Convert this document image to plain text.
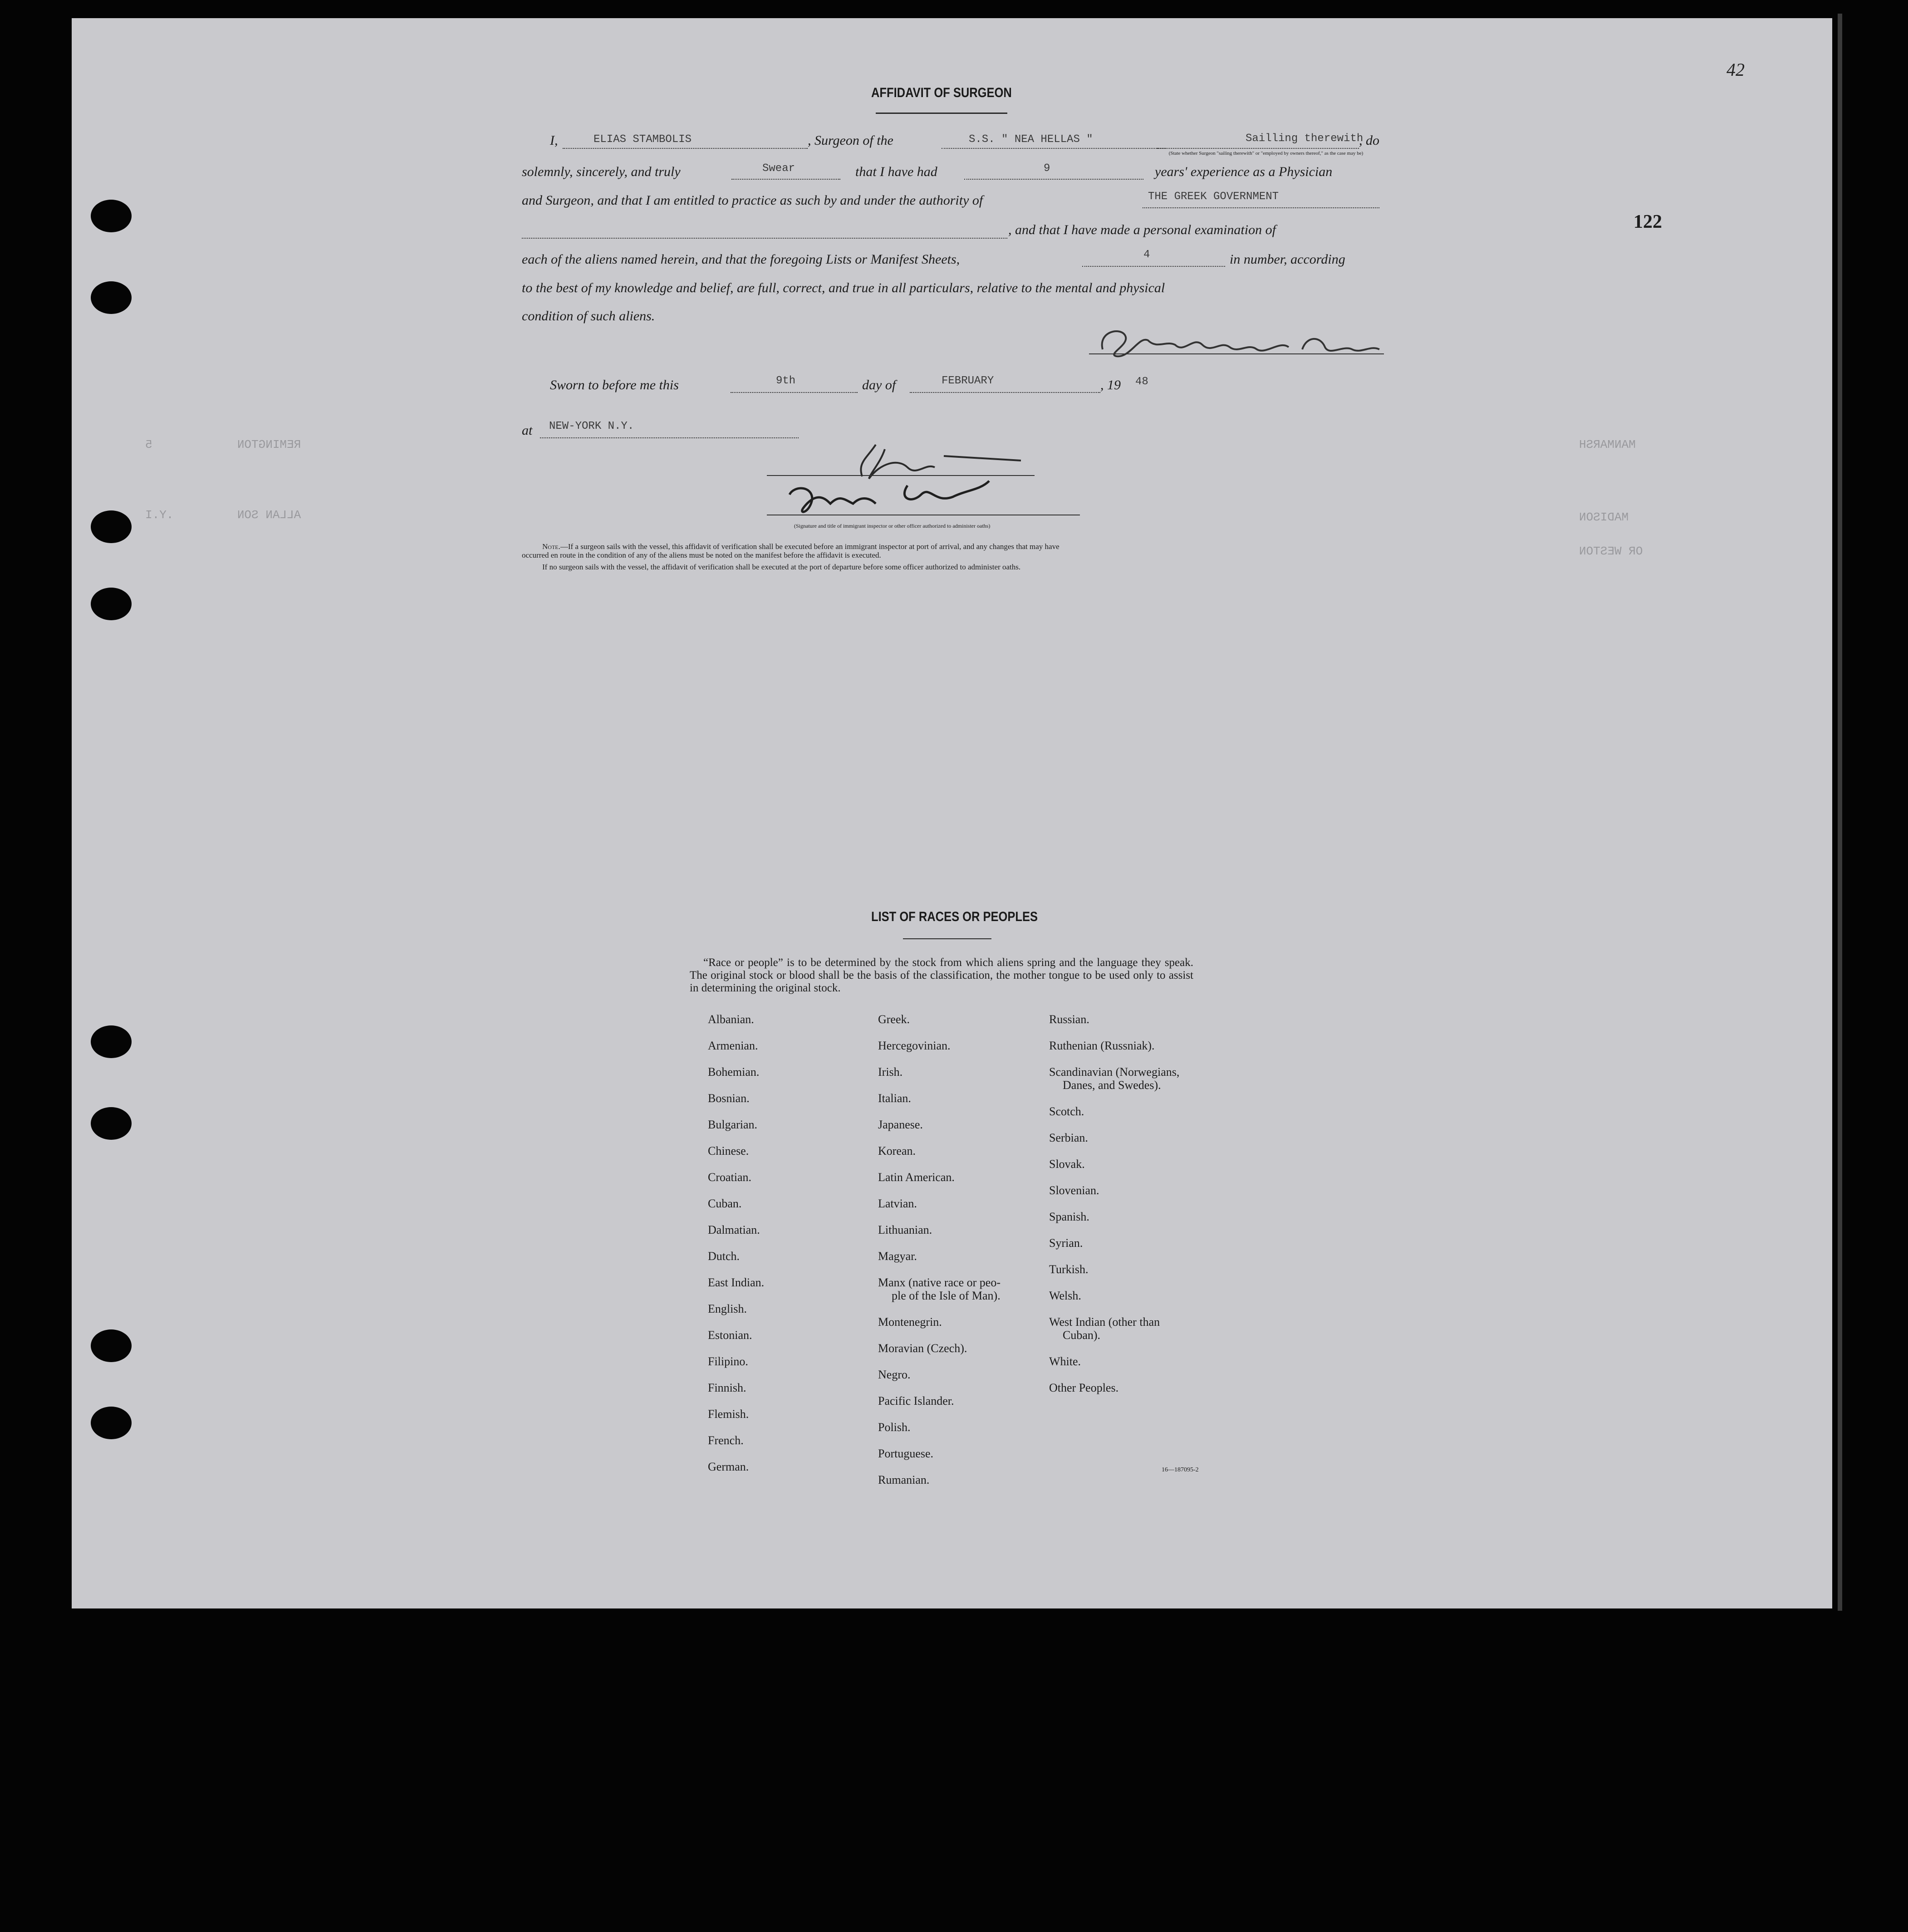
42
122
REMINGTON            5
ALLAN SON         .Y.I
MANMARSH
MADISON
OR WESTON
AFFIDAVIT OF SURGEON
I,	ELIAS STAMBOLIS	, Surgeon of the	S.S. " NEA HELLAS "	Sailling therewith
, do
(State whether Surgeon "sailing therewith" or "employed by owners thereof," as the case may be)
solemnly, sincerely, and truly	Swear	that I have had	9	years' experience as a Physician
and Surgeon, and that I am entitled to practice as such by and under the authority of	THE GREEK GOVERNMENT
, and that I have made a personal examination of
each of the aliens named herein, and that the foregoing Lists or Manifest Sheets,	4	in number, according
to the best of my knowledge and belief, are full, correct, and true in all particulars, relative to the mental and physical
condition of such aliens.
Sworn to before me this	9th	day of	FEBRUARY	, 19 48
at NEW-YORK N.Y.
(Signature and title of immigrant inspector or other officer authorized to administer oaths)
Note.—If a surgeon sails with the vessel, this affidavit of verification shall be executed before an immigrant inspector at port of arrival, and any changes that may have
occurred en route in the condition of any of the aliens must be noted on the manifest before the affidavit is executed.
If no surgeon sails with the vessel, the affidavit of verification shall be executed at the port of departure before some officer authorized to administer oaths.
LIST OF RACES OR PEOPLES
“Race or people” is to be determined by the stock from which aliens spring and the language they speak. The original stock or blood shall be the basis of the classification, the mother tongue to be used only to assist in determining the original stock.
Albanian.
Armenian.
Bohemian.
Bosnian.
Bulgarian.
Chinese.
Croatian.
Cuban.
Dalmatian.
Dutch.
East Indian.
English.
Estonian.
Filipino.
Finnish.
Flemish.
French.
German.
Greek.
Hercegovinian.
Irish.
Italian.
Japanese.
Korean.
Latin American.
Latvian.
Lithuanian.
Magyar.
Manx (native race or peo-
ple of the Isle of Man).
Montenegrin.
Moravian (Czech).
Negro.
Pacific Islander.
Polish.
Portuguese.
Rumanian.
Russian.
Ruthenian (Russniak).
Scandinavian (Norwegians,
Danes, and Swedes).
Scotch.
Serbian.
Slovak.
Slovenian.
Spanish.
Syrian.
Turkish.
Welsh.
West Indian (other than
Cuban).
White.
Other Peoples.
16—187095-2
